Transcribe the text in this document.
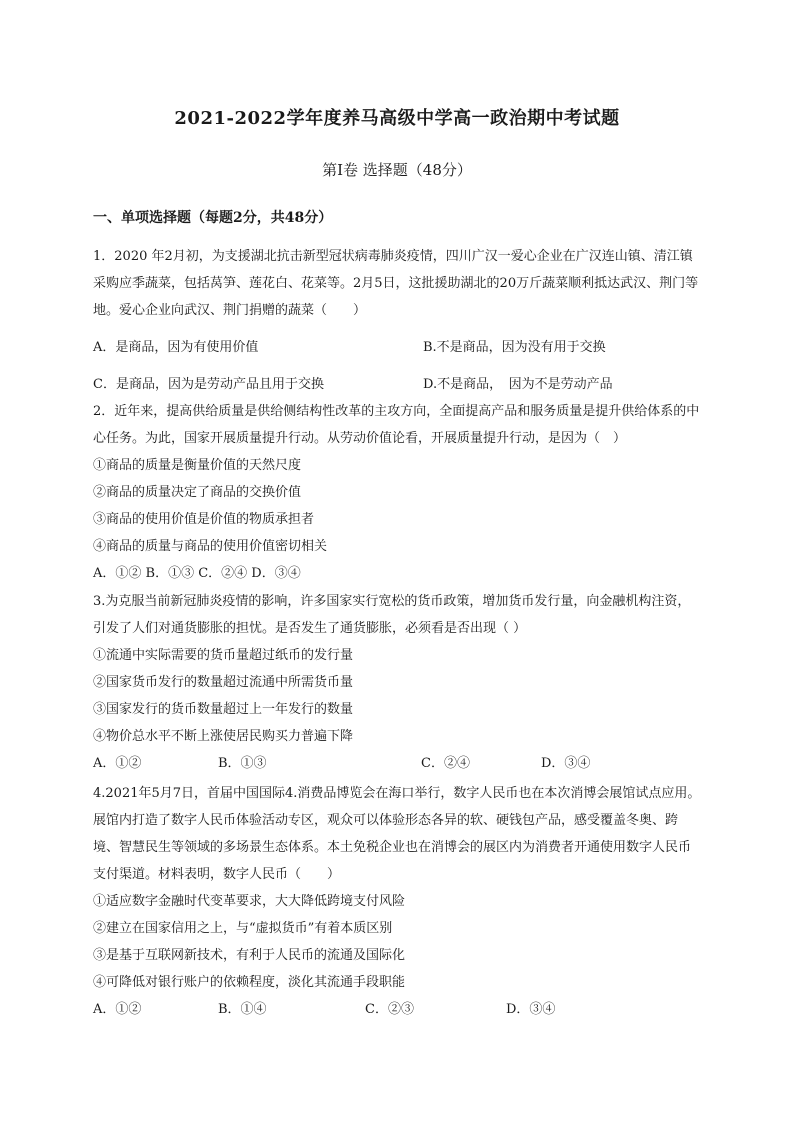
2021-2022学年度养马高级中学高一政治期中考试题
第Ⅰ卷 选择题（48分）
一、单项选择题（每题2分，共48分）

1．2020 年2月初，为支援湖北抗击新型冠状病毒肺炎疫情，四川广汉一爱心企业在广汉连山镇、清江镇采购应季蔬菜，包括莴笋、莲花白、花菜等。2月5日，这批援助湖北的20万斤蔬菜顺利抵达武汉、荆门等地。爱心企业向武汉、荆门捐赠的蔬菜（　　）

A．是商品，因为有使用价值	B.不是商品，因为没有用于交换
C．是商品，因为是劳动产品且用于交换	D.不是商品，　因为不是劳动产品

2．近年来，提高供给质量是供给侧结构性改革的主攻方向，全面提高产品和服务质量是提升供给体系的中心任务。为此，国家开展质量提升行动。从劳动价值论看，开展质量提升行动，是因为（　）

①商品的质量是衡量价值的天然尺度
②商品的质量决定了商品的交换价值
③商品的使用价值是价值的物质承担者
④商品的质量与商品的使用价值密切相关
A．①② B．①③ C．②④ D．③④

3.为克服当前新冠肺炎疫情的影响，许多国家实行宽松的货币政策，增加货币发行量，向金融机构注资，引发了人们对通货膨胀的担忧。是否发生了通货膨胀，必须看是否出现（ ）

①流通中实际需要的货币量超过纸币的发行量
②国家货币发行的数量超过流通中所需货币量
③国家发行的货币数量超过上一年发行的数量
④物价总水平不断上涨使居民购买力普遍下降
A．①②	B．①③	C．②④	D．③④

4.2021年5月7日，首届中国国际4.消费品博览会在海口举行，数字人民币也在本次消博会展馆试点应用。展馆内打造了数字人民币体验活动专区，观众可以体验形态各异的软、硬钱包产品，感受覆盖冬奥、跨境、智慧民生等领域的多场景生态体系。本土免税企业也在消博会的展区内为消费者开通使用数字人民币支付渠道。材料表明，数字人民币（　　）

①适应数字金融时代变革要求，大大降低跨境支付风险
②建立在国家信用之上，与“虚拟货币”有着本质区别
③是基于互联网新技术，有利于人民币的流通及国际化
④可降低对银行账户的依赖程度，淡化其流通手段职能
A．①②	B．①④	C．②③	D．③④
